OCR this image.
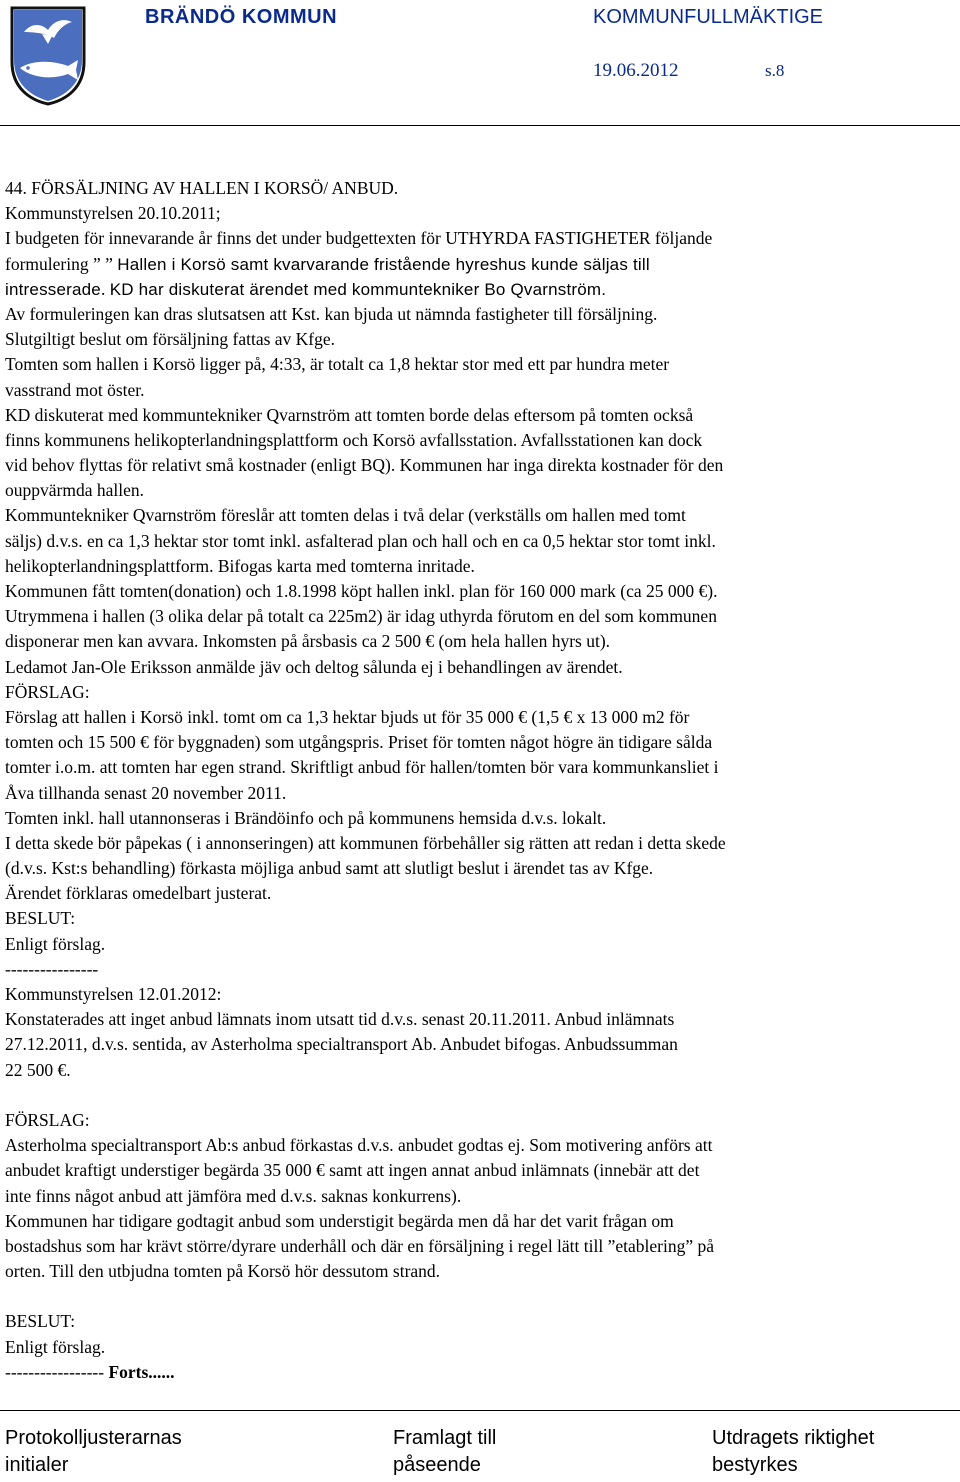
BRÄNDÖ KOMMUN	KOMMUNFULLMÄKTIGE
19.06.2012	s.8
44. FÖRSÄLJNING AV HALLEN I KORSÖ/ ANBUD.
Kommunstyrelsen 20.10.2011;
I budgeten för innevarande år finns det under budgettexten för UTHYRDA FASTIGHETER följande
formulering ” ” Hallen i Korsö samt kvarvarande fristående hyreshus kunde säljas till
intresserade. KD har diskuterat ärendet med kommuntekniker Bo Qvarnström.
Av formuleringen kan dras slutsatsen att Kst. kan bjuda ut nämnda fastigheter till försäljning.
Slutgiltigt beslut om försäljning fattas av Kfge.
Tomten som hallen i Korsö ligger på, 4:33, är totalt ca 1,8 hektar stor med ett par hundra meter
vasstrand mot öster.
KD diskuterat med kommuntekniker Qvarnström att tomten borde delas eftersom på tomten också
finns kommunens helikopterlandningsplattform och Korsö avfallsstation. Avfallsstationen kan dock
vid behov flyttas för relativt små kostnader (enligt BQ). Kommunen har inga direkta kostnader för den
ouppvärmda hallen.
Kommuntekniker Qvarnström föreslår att tomten delas i två delar (verkställs om hallen med tomt
säljs) d.v.s. en ca 1,3 hektar stor tomt inkl. asfalterad plan och hall och en ca 0,5 hektar stor tomt inkl.
helikopterlandningsplattform. Bifogas karta med tomterna inritade.
Kommunen fått tomten(donation) och 1.8.1998 köpt hallen inkl. plan för 160 000 mark (ca 25 000 €).
Utrymmena i hallen (3 olika delar på totalt ca 225m2) är idag uthyrda förutom en del som kommunen
disponerar men kan avvara. Inkomsten på årsbasis ca 2 500 € (om hela hallen hyrs ut).
Ledamot Jan-Ole Eriksson anmälde jäv och deltog sålunda ej i behandlingen av ärendet.
FÖRSLAG:
Förslag att hallen i Korsö inkl. tomt om ca 1,3 hektar bjuds ut för 35 000 € (1,5 € x 13 000 m2 för
tomten och 15 500 € för byggnaden) som utgångspris. Priset för tomten något högre än tidigare sålda
tomter i.o.m. att tomten har egen strand. Skriftligt anbud för hallen/tomten bör vara kommunkansliet i
Åva tillhanda senast 20 november 2011.
Tomten inkl. hall utannonseras i Brändöinfo och på kommunens hemsida d.v.s. lokalt.
I detta skede bör påpekas ( i annonseringen) att kommunen förbehåller sig rätten att redan i detta skede
(d.v.s. Kst:s behandling) förkasta möjliga anbud samt att slutligt beslut i ärendet tas av Kfge.
Ärendet förklaras omedelbart justerat.
BESLUT:
Enligt förslag.
----------------
Kommunstyrelsen 12.01.2012:
Konstaterades att inget anbud lämnats inom utsatt tid d.v.s. senast 20.11.2011. Anbud inlämnats
27.12.2011, d.v.s. sentida, av Asterholma specialtransport Ab. Anbudet bifogas. Anbudssumman
22 500 €.
FÖRSLAG:
Asterholma specialtransport Ab:s anbud förkastas d.v.s. anbudet godtas ej. Som motivering anförs att
anbudet kraftigt understiger begärda 35 000 € samt att ingen annat anbud inlämnats (innebär att det
inte finns något anbud att jämföra med d.v.s. saknas konkurrens).
Kommunen har tidigare godtagit anbud som understigit begärda men då har det varit frågan om
bostadshus som har krävt större/dyrare underhåll och där en försäljning i regel lätt till ”etablering” på
orten. Till den utbjudna tomten på Korsö hör dessutom strand.
BESLUT:
Enligt förslag.
----------------- Forts......
Protokolljusterarnas
initialer
Framlagt till
påseende
Utdragets riktighet
bestyrkes
